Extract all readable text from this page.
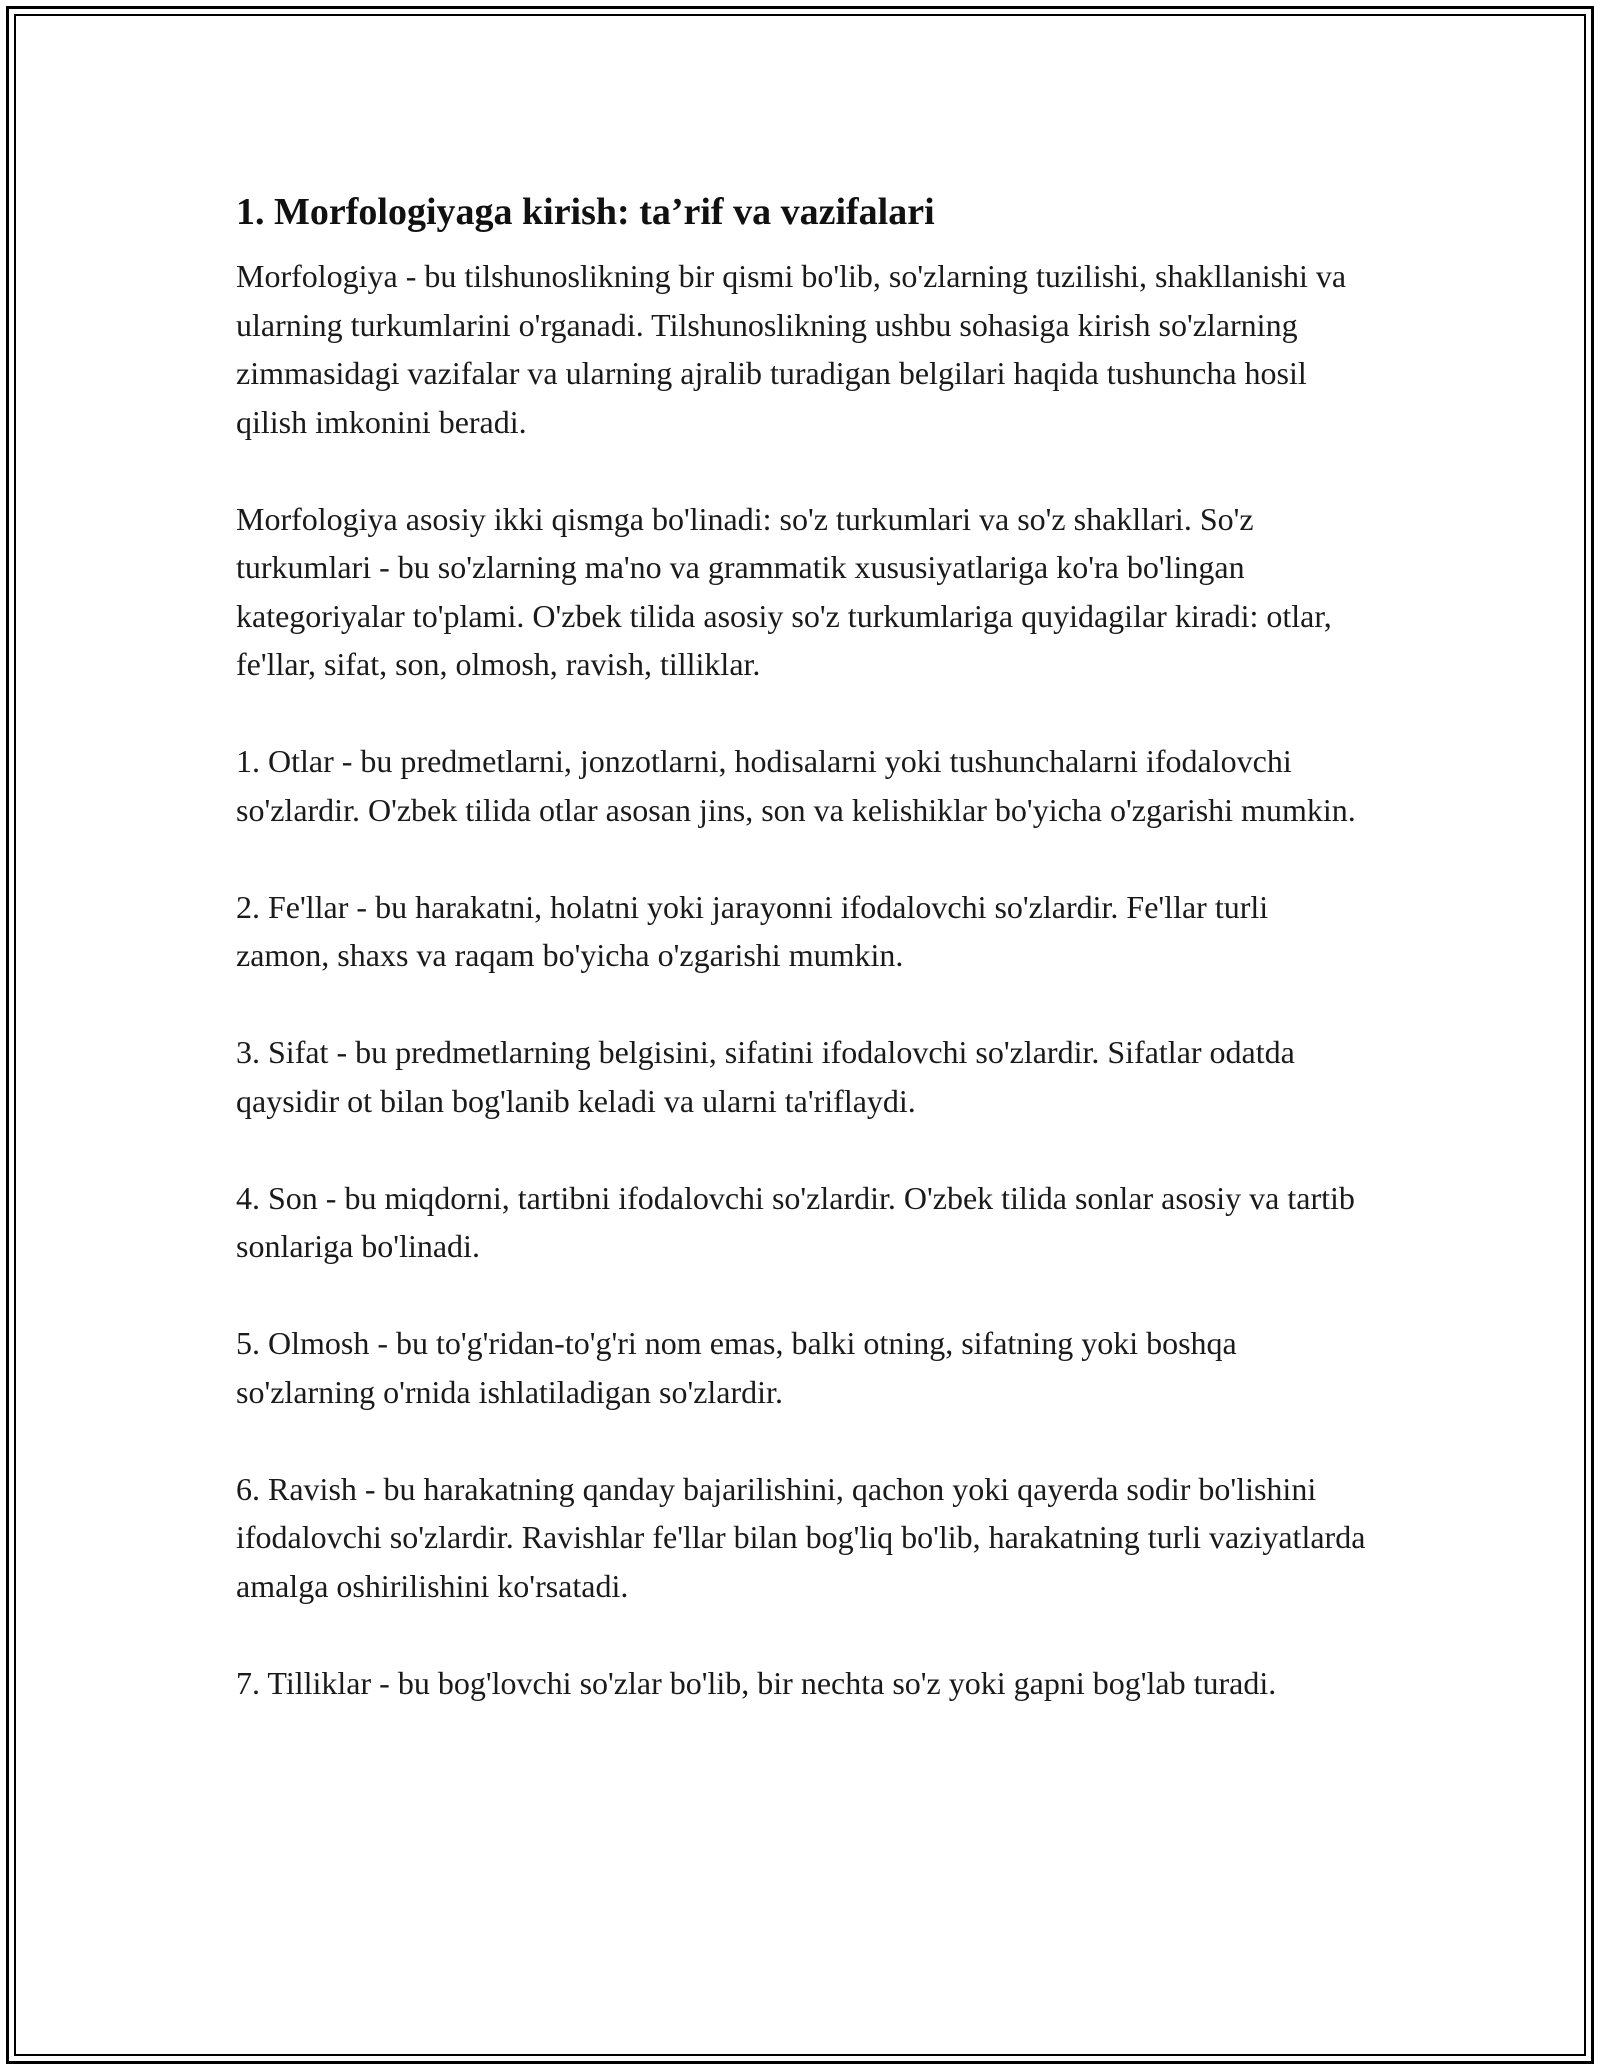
1. Morfologiyaga kirish: ta’rif va vazifalari

Morfologiya - bu tilshunoslikning bir qismi bo'lib, so'zlarning tuzilishi, shakllanishi va ularning turkumlarini o'rganadi. Tilshunoslikning ushbu sohasiga kirish so'zlarning zimmasidagi vazifalar va ularning ajralib turadigan belgilari haqida tushuncha hosil qilish imkonini beradi.

Morfologiya asosiy ikki qismga bo'linadi: so'z turkumlari va so'z shakllari. So'z turkumlari - bu so'zlarning ma'no va grammatik xususiyatlariga ko'ra bo'lingan kategoriyalar to'plami. O'zbek tilida asosiy so'z turkumlariga quyidagilar kiradi: otlar, fe'llar, sifat, son, olmosh, ravish, tilliklar.

1. Otlar - bu predmetlarni, jonzotlarni, hodisalarni yoki tushunchalarni ifodalovchi so'zlardir. O'zbek tilida otlar asosan jins, son va kelishiklar bo'yicha o'zgarishi mumkin.

2. Fe'llar - bu harakatni, holatni yoki jarayonni ifodalovchi so'zlardir. Fe'llar turli zamon, shaxs va raqam bo'yicha o'zgarishi mumkin.

3. Sifat - bu predmetlarning belgisini, sifatini ifodalovchi so'zlardir. Sifatlar odatda qaysidir ot bilan bog'lanib keladi va ularni ta'riflaydi.

4. Son - bu miqdorni, tartibni ifodalovchi so'zlardir. O'zbek tilida sonlar asosiy va tartib sonlariga bo'linadi.

5. Olmosh - bu to'g'ridan-to'g'ri nom emas, balki otning, sifatning yoki boshqa so'zlarning o'rnida ishlatiladigan so'zlardir.

6. Ravish - bu harakatning qanday bajarilishini, qachon yoki qayerda sodir bo'lishini ifodalovchi so'zlardir. Ravishlar fe'llar bilan bog'liq bo'lib, harakatning turli vaziyatlarda amalga oshirilishini ko'rsatadi.

7. Tilliklar - bu bog'lovchi so'zlar bo'lib, bir nechta so'z yoki gapni bog'lab turadi.
